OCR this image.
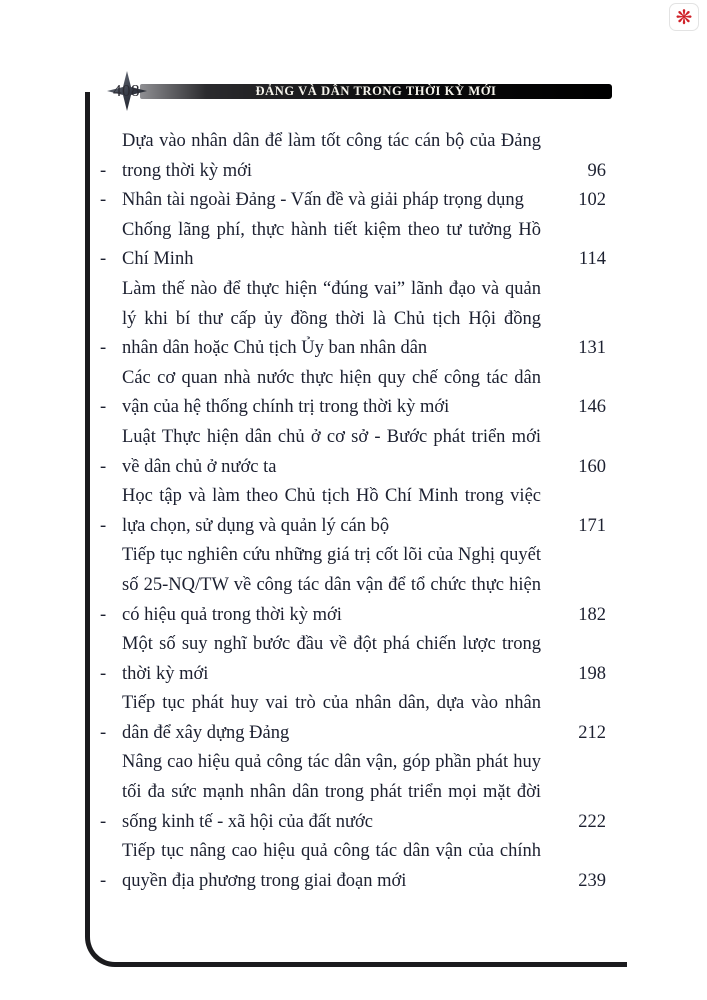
❋
408	ĐẢNG VÀ DÂN TRONG THỜI KỲ MỚI
-
Dựa vào nhân dân để làm tốt công tác cán bộ của Đảng trong thời kỳ mới	96
- Nhân tài ngoài Đảng - Vấn đề và giải pháp trọng dụng	102
-
Chống lãng phí, thực hành tiết kiệm theo tư tưởng Hồ Chí Minh	114
-
Làm thế nào để thực hiện “đúng vai” lãnh đạo và quản lý khi bí thư cấp ủy đồng thời là Chủ tịch Hội đồng nhân dân hoặc Chủ tịch Ủy ban nhân dân	131
-
Các cơ quan nhà nước thực hiện quy chế công tác dân vận của hệ thống chính trị trong thời kỳ mới	146
-
Luật Thực hiện dân chủ ở cơ sở - Bước phát triển mới về dân chủ ở nước ta	160
-
Học tập và làm theo Chủ tịch Hồ Chí Minh trong việc lựa chọn, sử dụng và quản lý cán bộ	171
-
Tiếp tục nghiên cứu những giá trị cốt lõi của Nghị quyết số 25-NQ/TW về công tác dân vận để tổ chức thực hiện có hiệu quả trong thời kỳ mới	182
-
Một số suy nghĩ bước đầu về đột phá chiến lược trong thời kỳ mới	198
-
Tiếp tục phát huy vai trò của nhân dân, dựa vào nhân dân để xây dựng Đảng	212
-
Nâng cao hiệu quả công tác dân vận, góp phần phát huy tối đa sức mạnh nhân dân trong phát triển mọi mặt đời sống kinh tế - xã hội của đất nước	222
-
Tiếp tục nâng cao hiệu quả công tác dân vận của chính quyền địa phương trong giai đoạn mới	239
